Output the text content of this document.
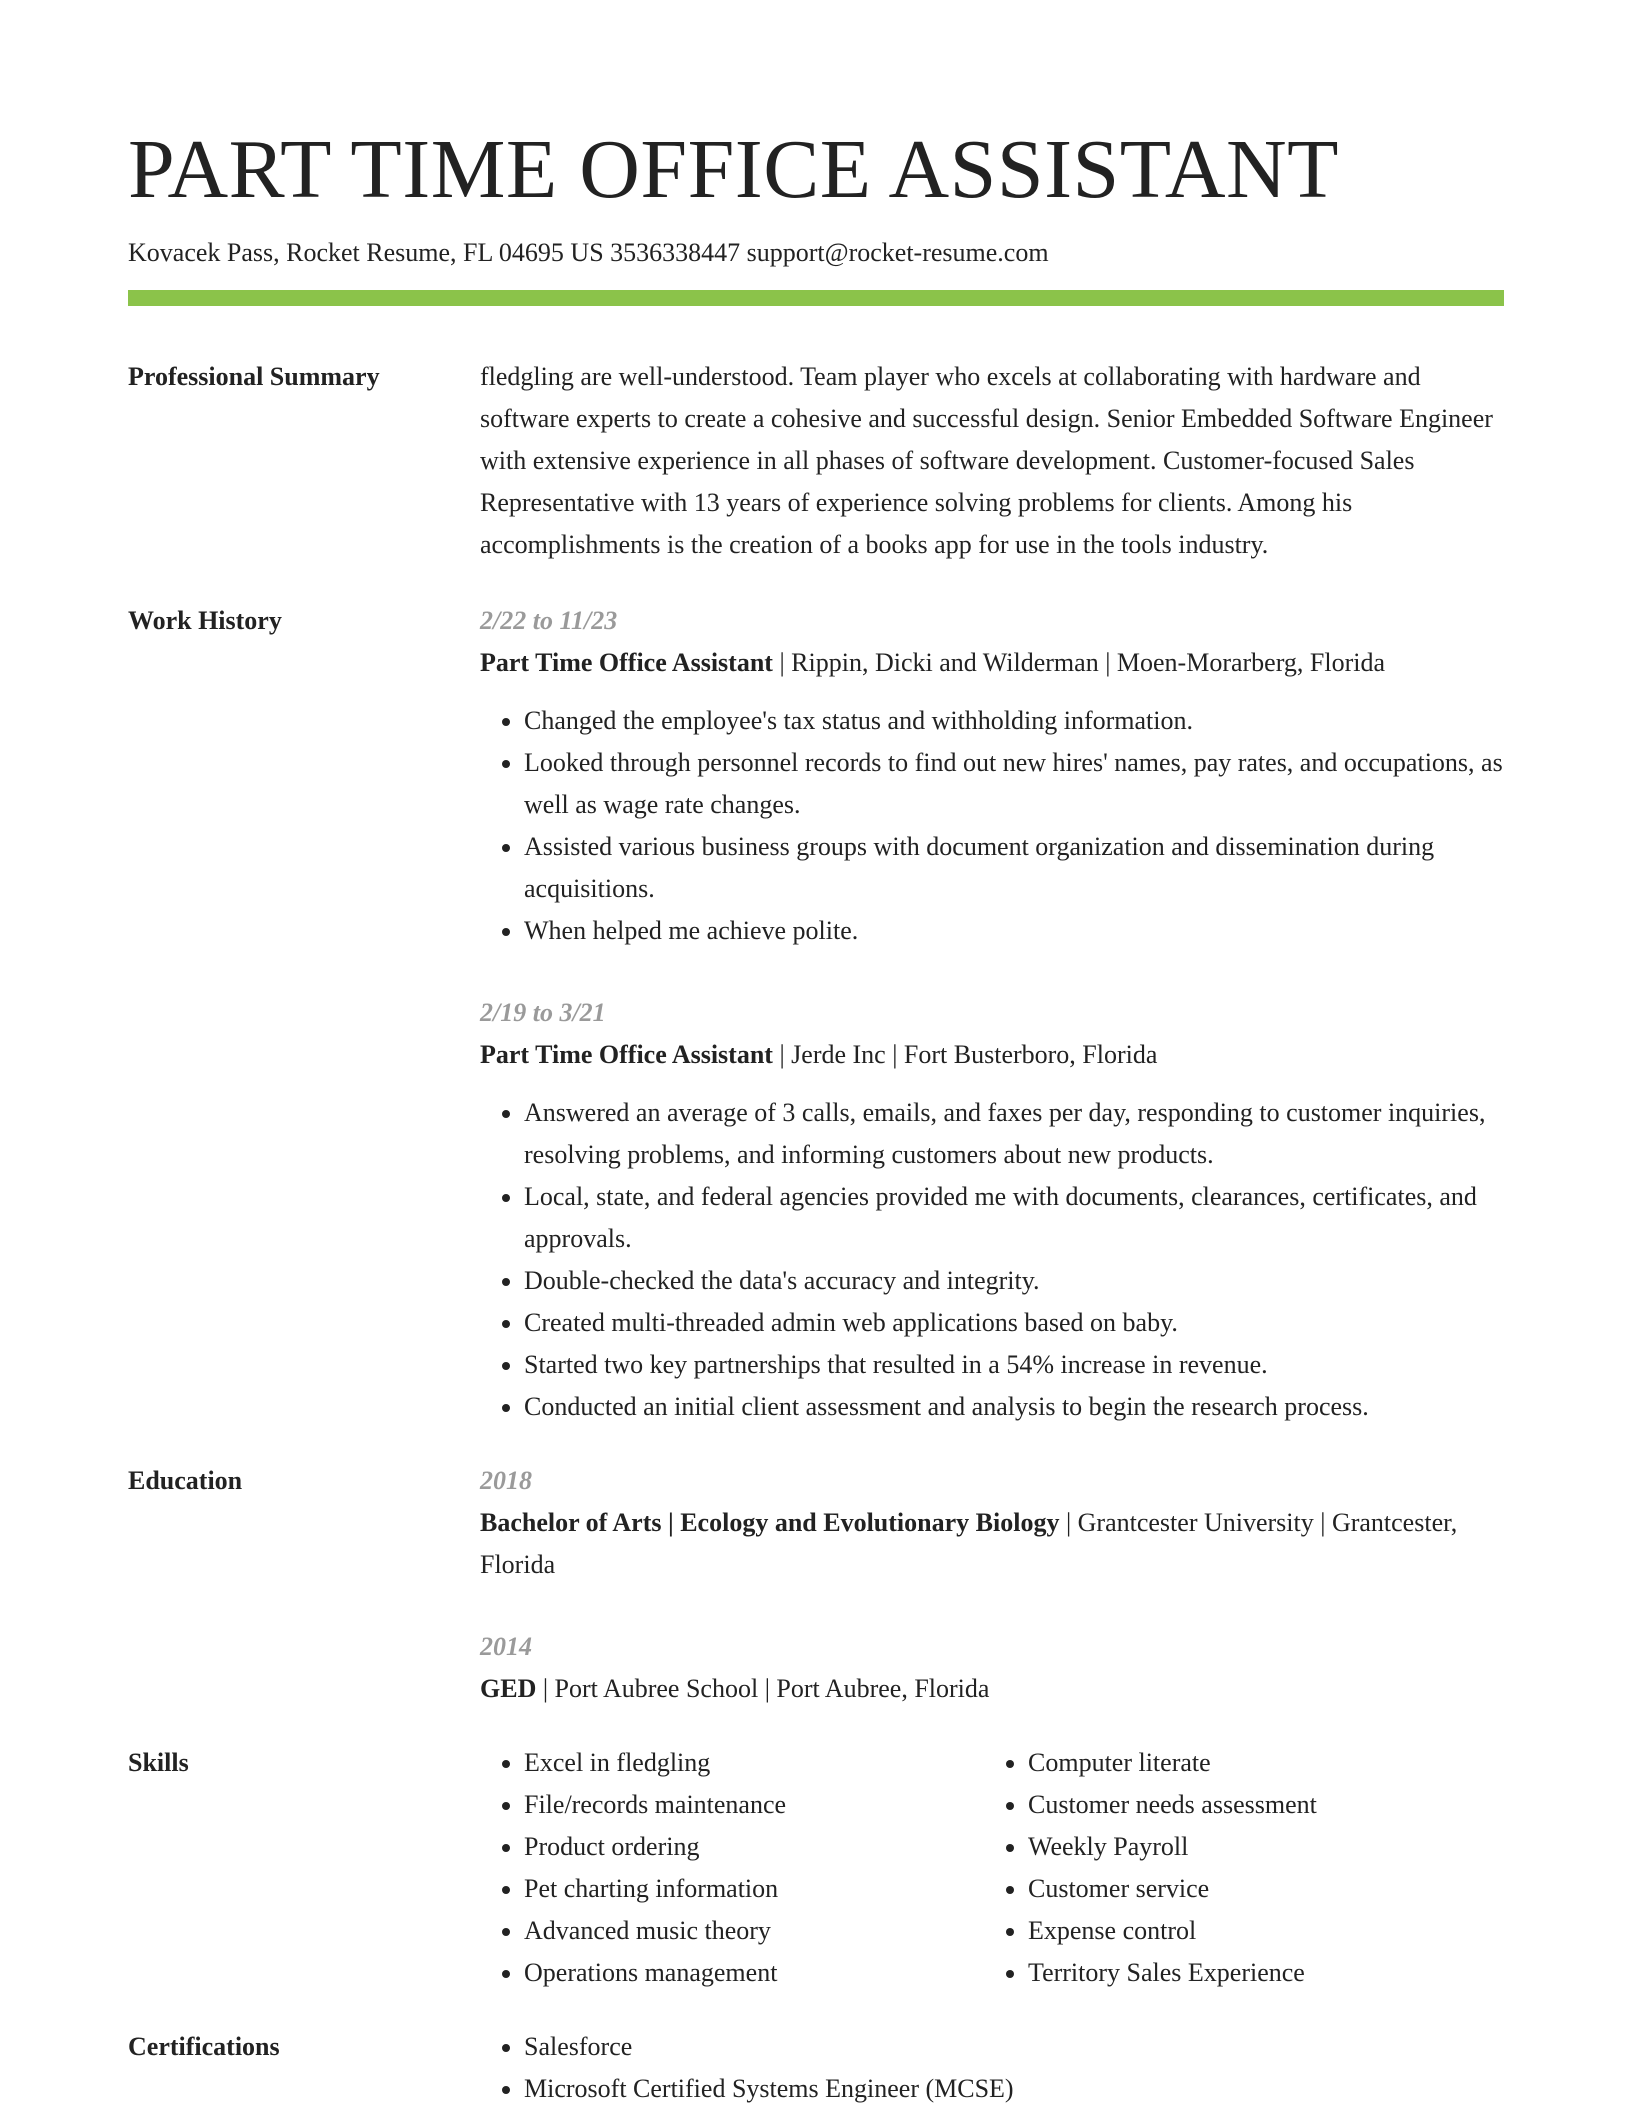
PART TIME OFFICE ASSISTANT
Kovacek Pass, Rocket Resume, FL 04695 US 3536338447 support@rocket-resume.com
Professional Summary	fledgling are well-understood. Team player who excels at collaborating with hardware and software experts to create a cohesive and successful design. Senior Embedded Software Engineer with extensive experience in all phases of software development. Customer-focused Sales Representative with 13 years of experience solving problems for clients. Among his accomplishments is the creation of a books app for use in the tools industry.
Work History	2/22 to 11/23
Part Time Office Assistant | Rippin, Dicki and Wilderman | Moen-Morarberg, Florida
• Changed the employee's tax status and withholding information.
• Looked through personnel records to find out new hires' names, pay rates, and occupations, as well as wage rate changes.
• Assisted various business groups with document organization and dissemination during acquisitions.
• When helped me achieve polite.
2/19 to 3/21
Part Time Office Assistant | Jerde Inc | Fort Busterboro, Florida
• Answered an average of 3 calls, emails, and faxes per day, responding to customer inquiries, resolving problems, and informing customers about new products.
• Local, state, and federal agencies provided me with documents, clearances, certificates, and approvals.
• Double-checked the data's accuracy and integrity.
• Created multi-threaded admin web applications based on baby.
• Started two key partnerships that resulted in a 54% increase in revenue.
• Conducted an initial client assessment and analysis to begin the research process.
Education	2018
Bachelor of Arts | Ecology and Evolutionary Biology | Grantcester University | Grantcester, Florida
2014
GED | Port Aubree School | Port Aubree, Florida
Skills	• Excel in fledgling
• File/records maintenance
• Product ordering
• Pet charting information
• Advanced music theory
• Operations management
• Computer literate
• Customer needs assessment
• Weekly Payroll
• Customer service
• Expense control
• Territory Sales Experience
Certifications	• Salesforce
• Microsoft Certified Systems Engineer (MCSE)
